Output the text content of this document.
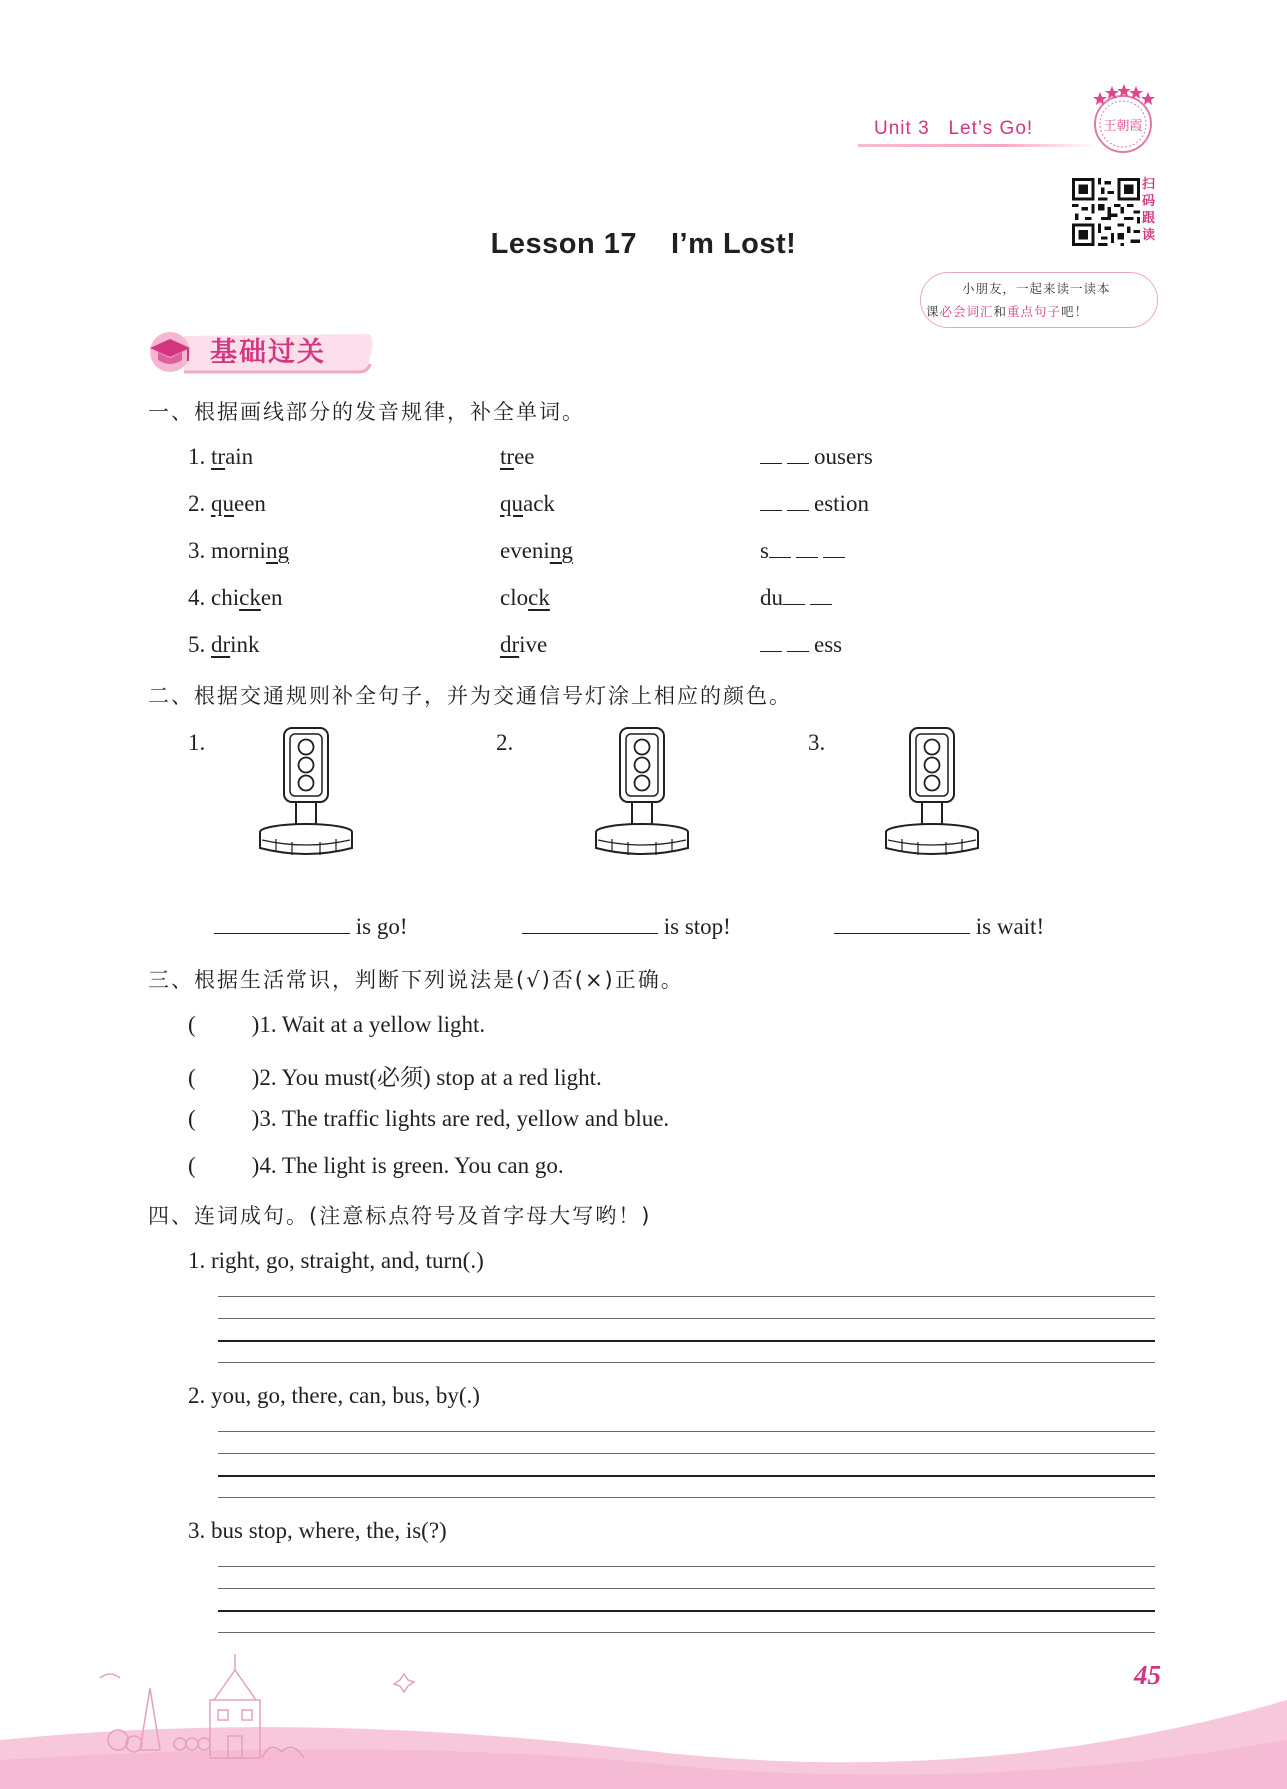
Unit 3 Let’s Go!	王朝霞
扫
码
跟
读
小朋友，一起来读一读本
课必会词汇和重点句子吧！
Lesson 17 I’m Lost!
基础过关
一、根据画线部分的发音规律，补全单词。
1. train	tree	ousers
2. queen	quack	estion
3. morning	evening	s
4. chicken	clock	du
5. drink	drive	ess
二、根据交通规则补全句子，并为交通信号灯涂上相应的颜色。
1.	2.	3.
is go!	is stop!	is wait!
三、根据生活常识，判断下列说法是(√)否(×)正确。
( )1. Wait at a yellow light.
( )2. You must(必须) stop at a red light.
( )3. The traffic lights are red, yellow and blue.
( )4. The light is green. You can go.
四、连词成句。(注意标点符号及首字母大写哟！)
1. right, go, straight, and, turn(.)
2. you, go, there, can, bus, by(.)
3. bus stop, where, the, is(?)
45
